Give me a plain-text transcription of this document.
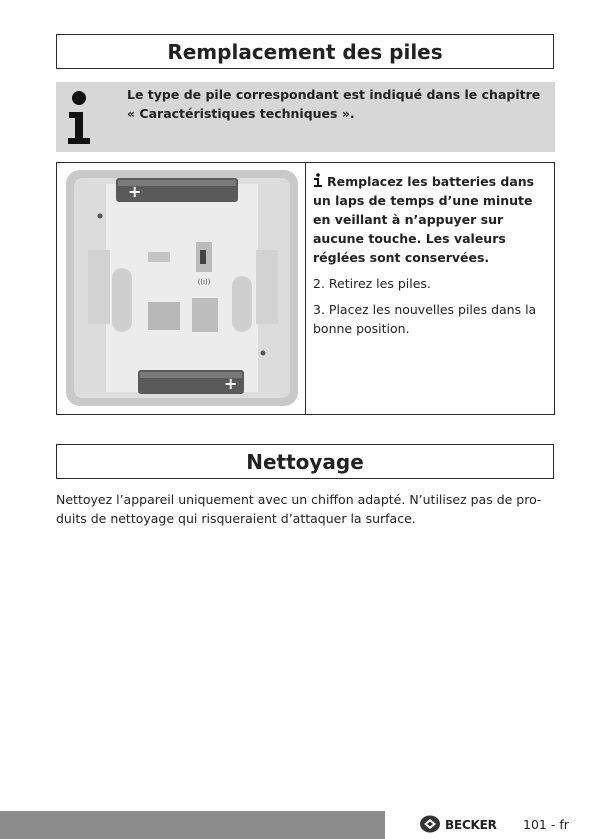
Remplacement des piles
Le type de pile correspondant est indiqué dans le chapitre « Caractéristiques techniques ».
+
+
((ı))

Remplacez les batteries dans un laps de temps d’une minute en veillant à n’appuyer sur aucune touche. Les valeurs réglées sont conservées.

2. Retirez les piles.

3. Placez les nouvelles piles dans la bonne position.

Nettoyage

Nettoyez l’appareil uniquement avec un chiffon adapté. N’utilisez pas de produits de nettoyage qui risqueraient d’attaquer la surface.

BECKER 101 - fr
